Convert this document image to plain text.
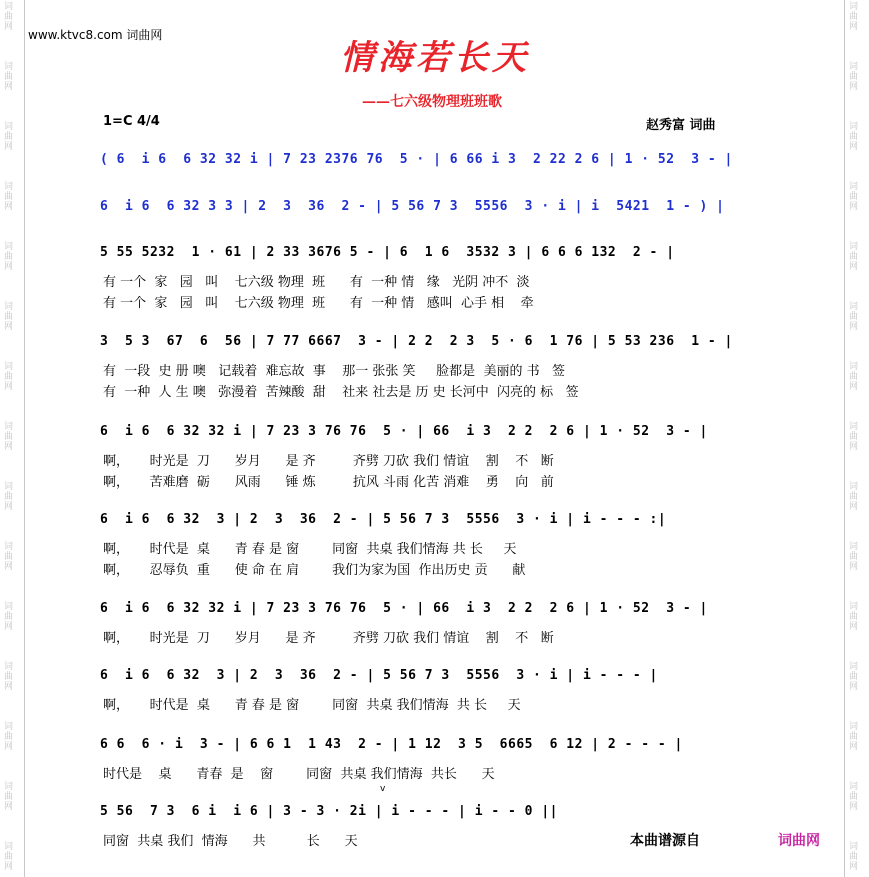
词曲网
词曲网
词曲网
词曲网
词曲网
词曲网
词曲网
词曲网
词曲网
词曲网
词曲网
词曲网
词曲网
词曲网
词曲网
词曲网
词曲网
词曲网
词曲网
词曲网
词曲网
词曲网
词曲网
词曲网
词曲网
词曲网
词曲网
词曲网
词曲网
词曲网
www.ktvc8.com 词曲网
情海若长天
——七六级物理班班歌
1=C 4/4	赵秀富 词曲
( 6  i 6  6 32 32 i | 7 23 2376 76  5 · | 6 66 i 3  2 22 2 6 | 1 · 52  3 - |
6  i 6  6 32 3 3 | 2  3  36  2 - | 5 56 7 3  5556  3 · i | i  5421  1 - ) |
5 55 5232  1 · 61 | 2 33 3676 5 - | 6  1 6  3532 3 | 6 6 6 132  2 - |
有 一个  家   园   叫    七六级 物理  班      有  一种 情   缘   光阴 冲不  淡
有 一个  家   园   叫    七六级 物理  班      有  一种 情   感叫  心手 相    牵
3  5 3  67  6  56 | 7 77 6667  3 - | 2 2  2 3  5 · 6  1 76 | 5 53 236  1 - |
有  一段  史 册 噢   记载着  难忘故  事    那一 张张 笑     脸都是  美丽的 书   签
有  一种  人 生 噢   弥漫着  苦辣酸  甜    社来 社去是 历 史 长河中  闪亮的 标   签
6  i 6  6 32 32 i | 7 23 3 76 76  5 · | 66  i 3  2 2  2 6 | 1 · 52  3 - |
啊，     时光是  刀      岁月      是 齐         齐劈 刀砍 我们 情谊    割    不   断
啊，     苦难磨  砺      风雨      锤 炼         抗风 斗雨 化苦 消难    勇    向   前
6  i 6  6 32  3 | 2  3  36  2 - | 5 56 7 3  5556  3 · i | i - - - :|
啊，     时代是  桌      青 春 是 窗        同窗  共桌 我们情海 共 长     天
啊，     忍辱负  重      使 命 在 肩        我们为家为国  作出历史 贡      献
6  i 6  6 32 32 i | 7 23 3 76 76  5 · | 66  i 3  2 2  2 6 | 1 · 52  3 - |
啊，     时光是  刀      岁月      是 齐         齐劈 刀砍 我们 情谊    割    不   断
6  i 6  6 32  3 | 2  3  36  2 - | 5 56 7 3  5556  3 · i | i - - - |
啊，     时代是  桌      青 春 是 窗        同窗  共桌 我们情海  共 长     天
6 6  6 · i  3 - | 6 6 1  1 43  2 - | 1 12  3 5  6665  6 12 | 2 - - - |
时代是    桌      青春  是    窗        同窗  共桌 我们情海  共长      天
v
5 56  7 3  6 i  i 6 | 3 - 3 · 2i | i - - - | i - - 0 ||
同窗  共桌 我们  情海      共          长      天	本曲谱源自	词曲网
